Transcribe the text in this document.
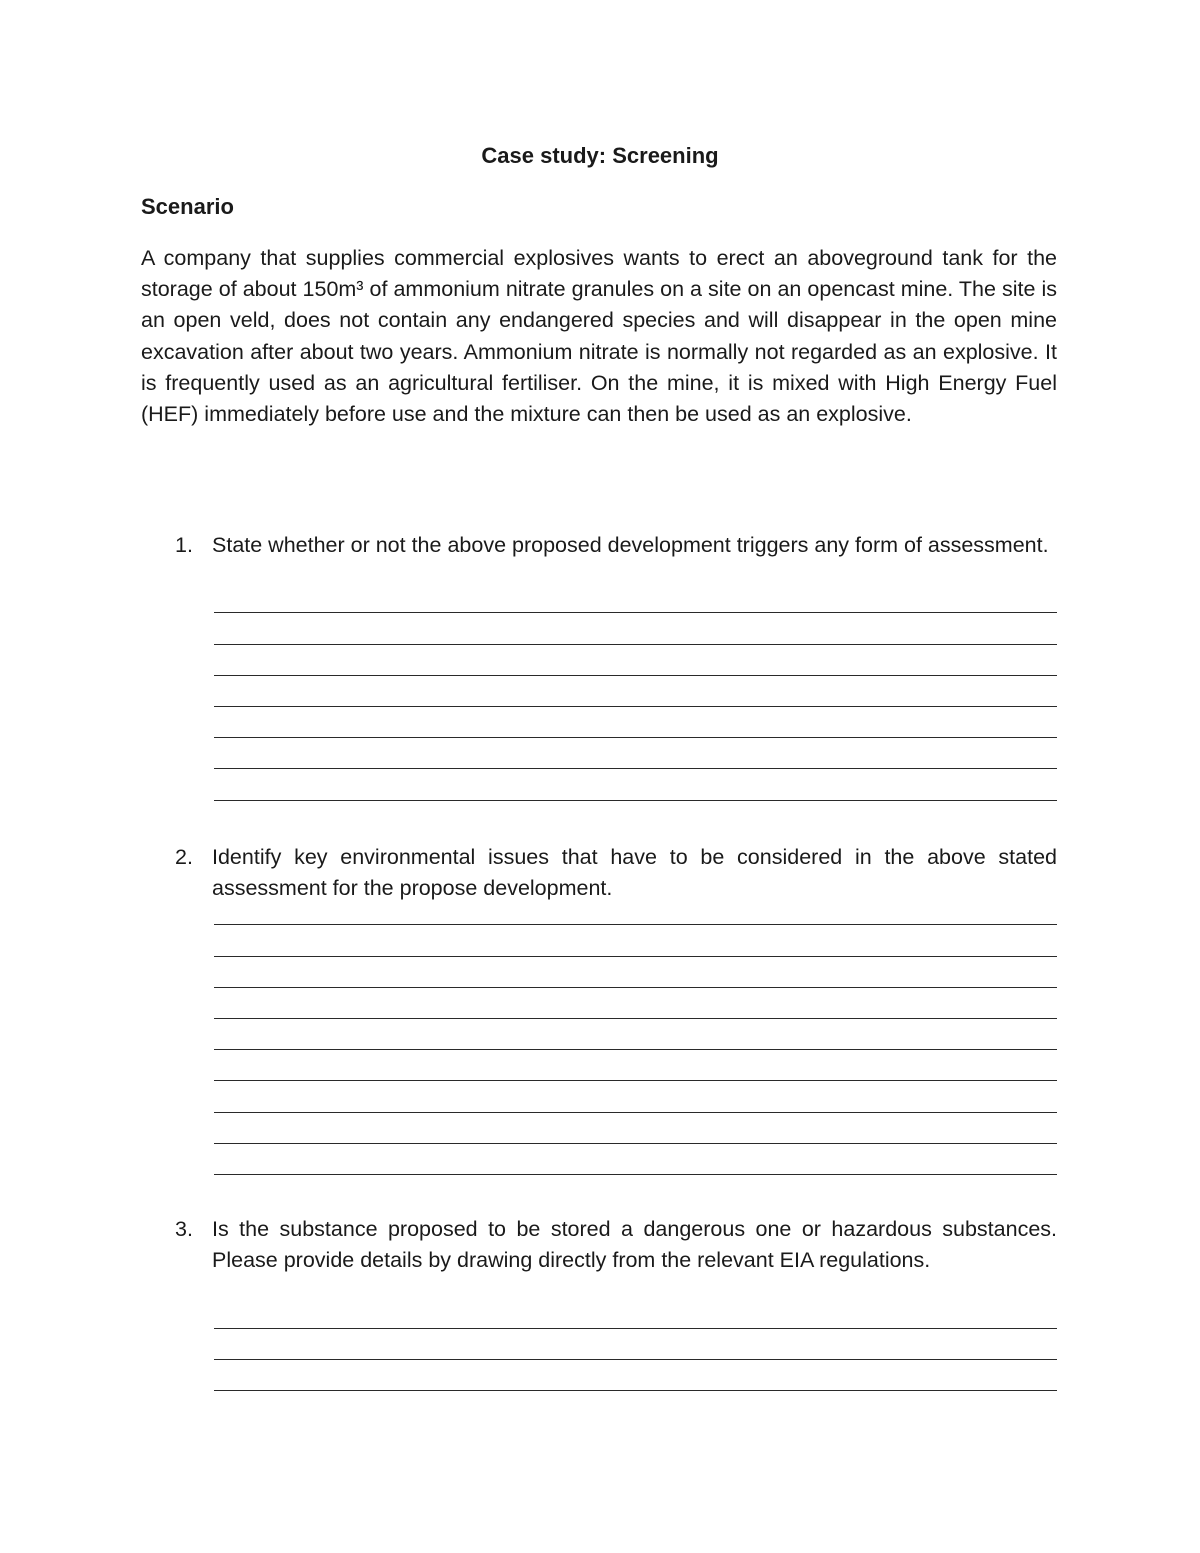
Case study: Screening
Scenario

A company that supplies commercial explosives wants to erect an aboveground tank for the storage of about 150m³ of ammonium nitrate granules on a site on an opencast mine. The site is an open veld, does not contain any endangered species and will disappear in the open mine excavation after about two years. Ammonium nitrate is normally not regarded as an explosive. It is frequently used as an agricultural fertiliser. On the mine, it is mixed with High Energy Fuel (HEF) immediately before use and the mixture can then be used as an explosive.

1. State whether or not the above proposed development triggers any form of assessment.

2. Identify key environmental issues that have to be considered in the above stated assessment for the propose development.

3. Is the substance proposed to be stored a dangerous one or hazardous substances. Please provide details by drawing directly from the relevant EIA regulations.
